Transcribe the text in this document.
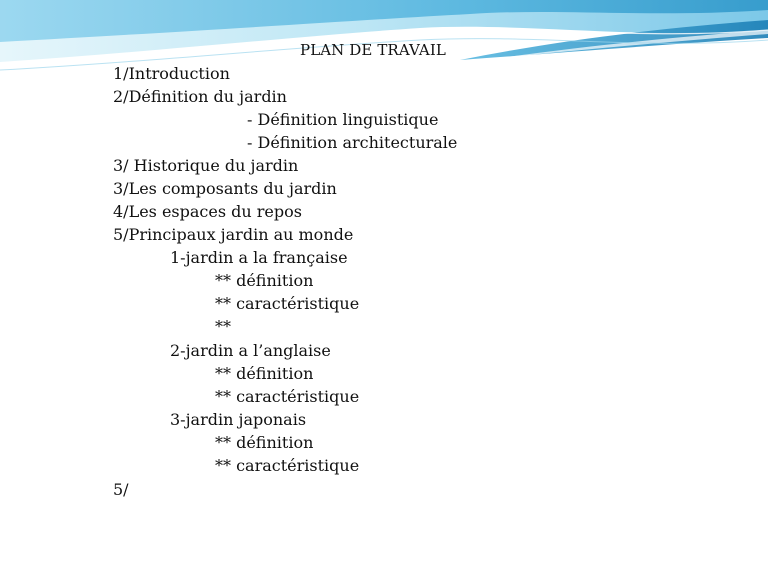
PLAN DE TRAVAIL
1/Introduction
2/Définition du jardin
- Définition linguistique
- Définition architecturale
3/ Historique du jardin
3/Les composants du jardin
4/Les espaces du repos
5/Principaux jardin au monde
1-jardin a la française
** définition
** caractéristique
**
2-jardin a l’anglaise
** définition
** caractéristique
3-jardin japonais
** définition
** caractéristique
5/
